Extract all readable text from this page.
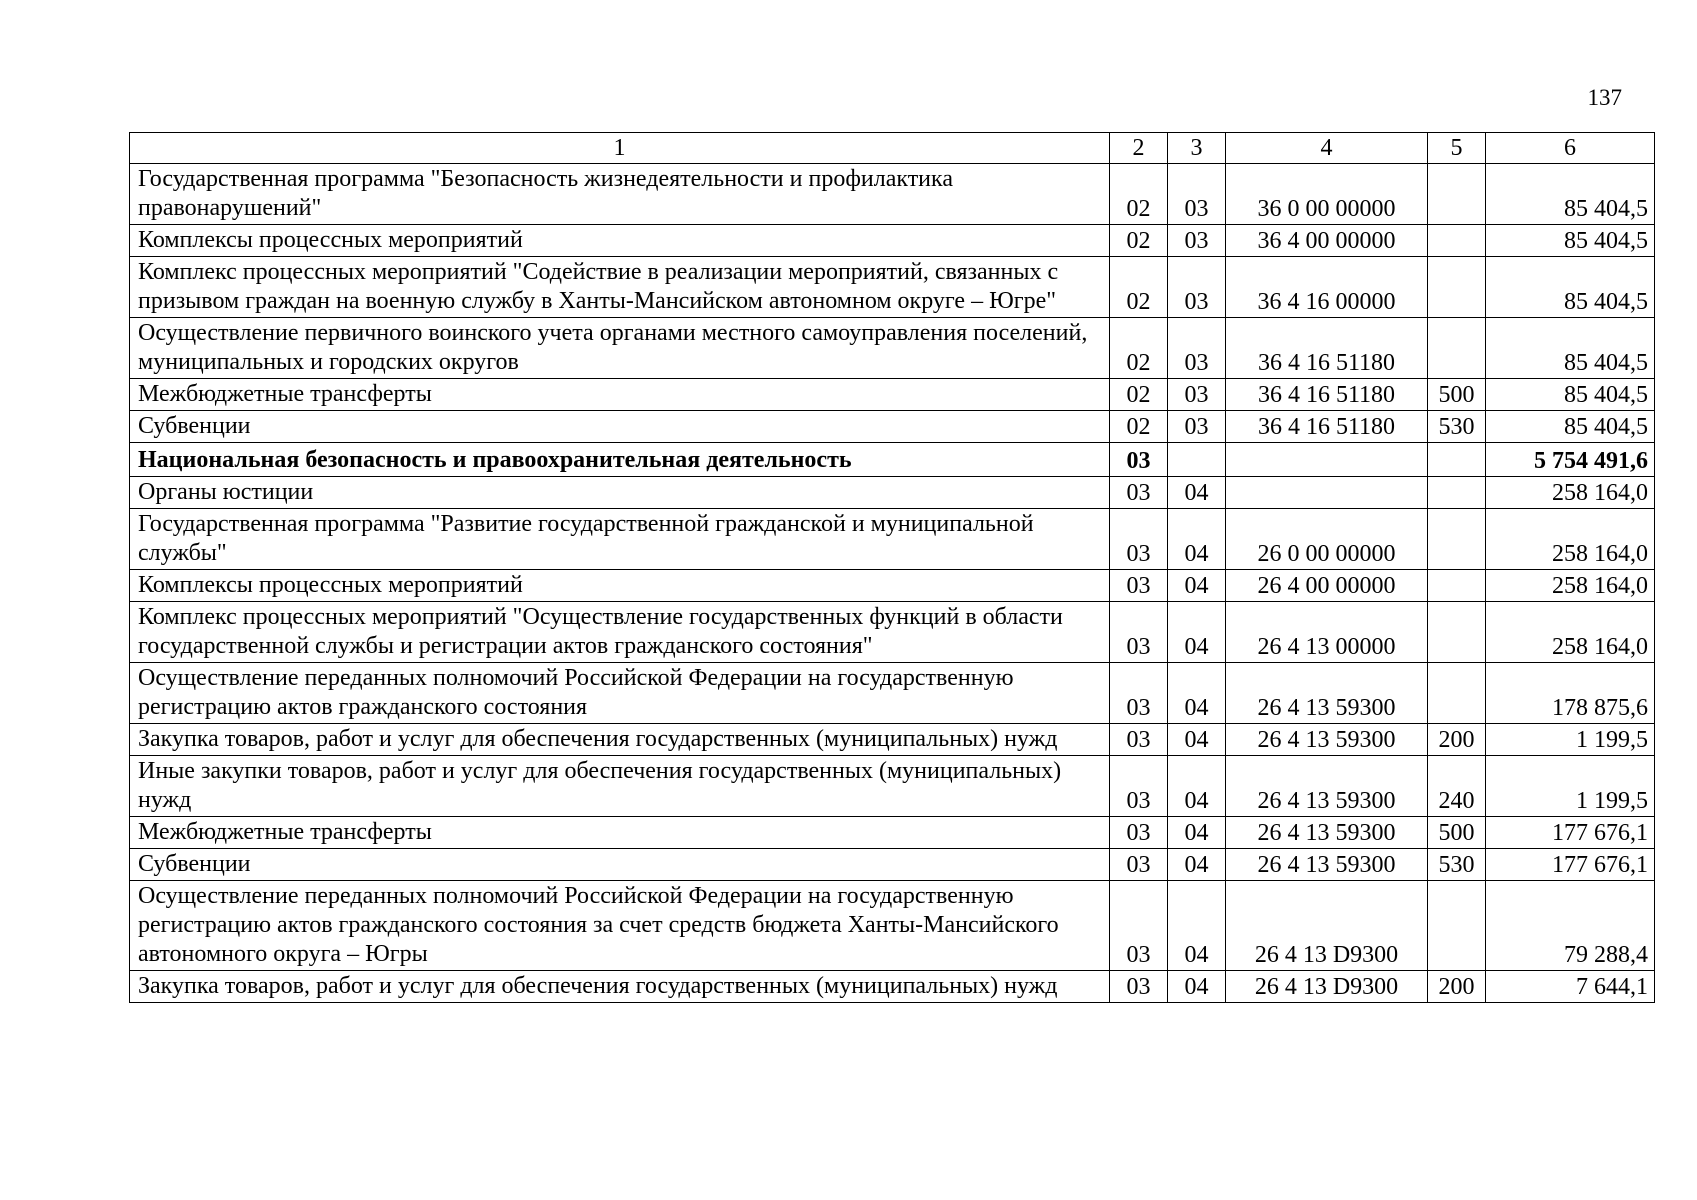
137
1	2	3	4	5	6
Государственная программа "Безопасность жизнедеятельности и профилактика правонарушений"	02	03	36 0 00 00000		85 404,5
Комплексы процессных мероприятий	02	03	36 4 00 00000		85 404,5
Комплекс процессных мероприятий "Содействие в реализации мероприятий, связанных с призывом граждан на военную службу в Ханты-Мансийском автономном округе – Югре"	02	03	36 4 16 00000		85 404,5
Осуществление первичного воинского учета органами местного самоуправления поселений, муниципальных и городских округов	02	03	36 4 16 51180		85 404,5
Межбюджетные трансферты	02	03	36 4 16 51180	500	85 404,5
Субвенции	02	03	36 4 16 51180	530	85 404,5
Национальная безопасность и правоохранительная деятельность	03				5 754 491,6
Органы юстиции	03	04			258 164,0
Государственная программа "Развитие государственной гражданской и муниципальной службы"	03	04	26 0 00 00000		258 164,0
Комплексы процессных мероприятий	03	04	26 4 00 00000		258 164,0
Комплекс процессных мероприятий "Осуществление государственных функций в области государственной службы и регистрации актов гражданского состояния"	03	04	26 4 13 00000		258 164,0
Осуществление переданных полномочий Российской Федерации на государственную регистрацию актов гражданского состояния	03	04	26 4 13 59300		178 875,6
Закупка товаров, работ и услуг для обеспечения государственных (муниципальных) нужд	03	04	26 4 13 59300	200	1 199,5
Иные закупки товаров, работ и услуг для обеспечения государственных (муниципальных) нужд	03	04	26 4 13 59300	240	1 199,5
Межбюджетные трансферты	03	04	26 4 13 59300	500	177 676,1
Субвенции	03	04	26 4 13 59300	530	177 676,1
Осуществление переданных полномочий Российской Федерации на государственную регистрацию актов гражданского состояния за счет средств бюджета Ханты-Мансийского автономного округа – Югры	03	04	26 4 13 D9300		79 288,4
Закупка товаров, работ и услуг для обеспечения государственных (муниципальных) нужд	03	04	26 4 13 D9300	200	7 644,1
